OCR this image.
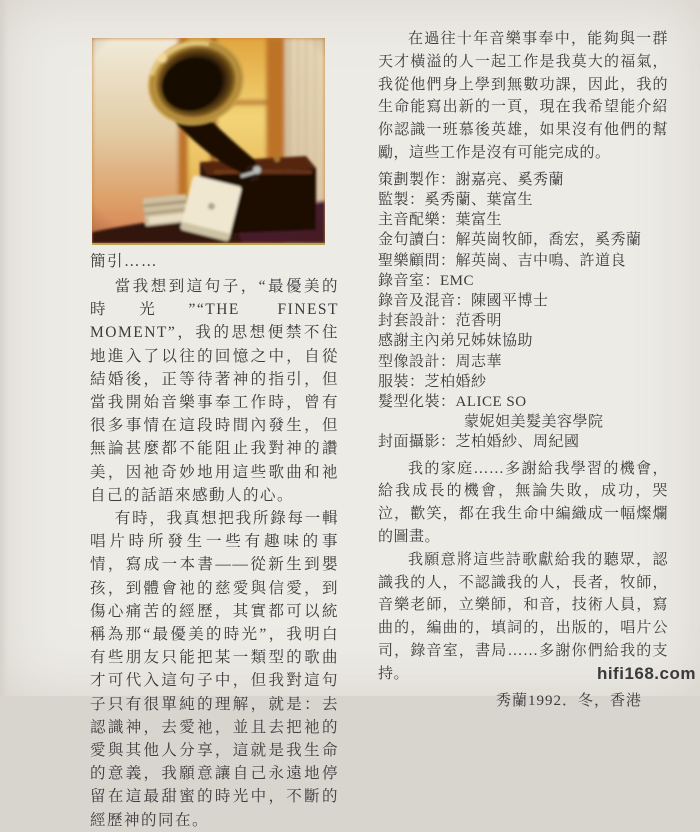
簡引……

當我想到這句子，“最優美的時光”“THE FINEST MOMENT”，我的思想便禁不住地進入了以往的回憶之中，自從結婚後，正等待著神的指引，但當我開始音樂事奉工作時，曾有很多事情在這段時間內發生，但無論甚麼都不能阻止我對神的讚美，因祂奇妙地用這些歌曲和祂自己的話語來感動人的心。

有時，我真想把我所錄每一輯唱片時所發生一些有趣味的事情，寫成一本書——從新生到嬰孩，到體會祂的慈愛與信愛，到傷心痛苦的經歷，其實都可以統稱為那“最優美的時光”，我明白有些朋友只能把某一類型的歌曲才可代入這句子中，但我對這句子只有很單純的理解，就是：去認識神，去愛祂，並且去把祂的愛與其他人分享，這就是我生命的意義，我願意讓自己永遠地停留在這最甜蜜的時光中，不斷的經歷神的同在。

在過往十年音樂事奉中，能夠與一群天才橫溢的人一起工作是我莫大的福氣，我從他們身上學到無數功課，因此，我的生命能寫出新的一頁，現在我希望能介紹你認識一班慕後英雄，如果沒有他們的幫勵，這些工作是沒有可能完成的。

策劃製作：謝嘉亮、奚秀蘭
監製：奚秀蘭、葉富生
主音配樂：葉富生
金句讀白：解英崗牧師，喬宏，奚秀蘭
聖樂顧問：解英崗、吉中鳴、許道良
錄音室：EMC
錄音及混音：陳國平博士
封套設計：范香明
感謝主內弟兄姊妹協助
型像設計：周志華
服裝：芝柏婚紗
髮型化裝：ALICE SO
蒙妮妲美髮美容學院
封面攝影：芝柏婚紗、周紀國

我的家庭……多謝給我學習的機會，給我成長的機會，無論失敗，成功，哭泣，歡笑，都在我生命中編織成一幅燦爛的圖畫。

我願意將這些詩歌獻給我的聽眾，認識我的人，不認識我的人，長者，牧師，音樂老師，立樂師，和音，技術人員，寫曲的，編曲的，填詞的，出版的，唱片公司，錄音室，書局……多謝你們給我的支持。

秀蘭1992．冬，香港
hifi168.com
